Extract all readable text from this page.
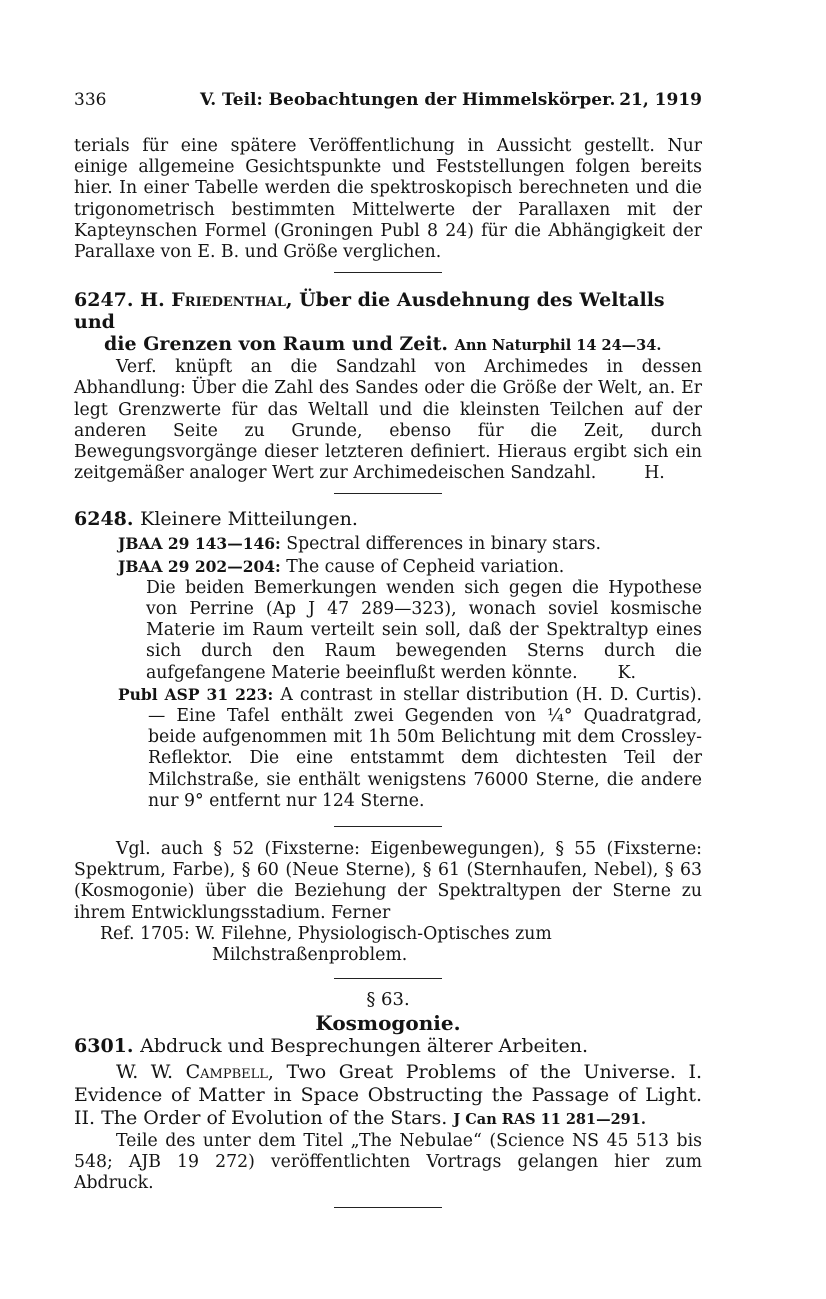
336	V. Teil: Beobachtungen der Himmelskörper. 21, 1919

terials für eine spätere Veröffentlichung in Aussicht gestellt. Nur einige allgemeine Gesichtspunkte und Feststellungen folgen bereits hier. In einer Tabelle werden die spektroskopisch berechneten und die trigonometrisch bestimmten Mittelwerte der Parallaxen mit der Kapteynschen Formel (Groningen Publ 8 24) für die Abhängigkeit der Parallaxe von E. B. und Größe verglichen.

6247. H. Friedenthal, Über die Ausdehnung des Weltalls und
die Grenzen von Raum und Zeit. Ann Naturphil 14 24—34.

Verf. knüpft an die Sandzahl von Archimedes in dessen Abhandlung: Über die Zahl des Sandes oder die Größe der Welt, an. Er legt Grenzwerte für das Weltall und die kleinsten Teilchen auf der anderen Seite zu Grunde, ebenso für die Zeit, durch Bewegungsvorgänge dieser letzteren definiert. Hieraus ergibt sich ein zeitgemäßer analoger Wert zur Archimedeischen Sandzahl.	H.

6248. Kleinere Mitteilungen.
JBAA 29 143—146: Spectral differences in binary stars.
JBAA 29 202—204: The cause of Cepheid variation.

Die beiden Bemerkungen wenden sich gegen die Hypothese von Perrine (Ap J 47 289—323), wonach soviel kosmische Materie im Raum verteilt sein soll, daß der Spektraltyp eines sich durch den Raum bewegenden Sterns durch die aufgefangene Materie beeinflußt werden könnte. K.

Publ ASP 31 223: A contrast in stellar distribution (H. D. Curtis). — Eine Tafel enthält zwei Gegenden von ¼° Quadratgrad, beide aufgenommen mit 1h 50m Belichtung mit dem Crossley-Reflektor. Die eine entstammt dem dichtesten Teil der Milchstraße, sie enthält wenigstens 76000 Sterne, die andere nur 9° entfernt nur 124 Sterne.

Vgl. auch § 52 (Fixsterne: Eigenbewegungen), § 55 (Fixsterne: Spektrum, Farbe), § 60 (Neue Sterne), § 61 (Sternhaufen, Nebel), § 63 (Kosmogonie) über die Beziehung der Spektraltypen der Sterne zu ihrem Entwicklungsstadium. Ferner

Ref. 1705: W. Filehne, Physiologisch-Optisches zum Milchstraßenproblem.

§ 63.
Kosmogonie.
6301. Abdruck und Besprechungen älterer Arbeiten.

W. W. Campbell, Two Great Problems of the Universe. I. Evidence of Matter in Space Obstructing the Passage of Light. II. The Order of Evolution of the Stars. J Can RAS 11 281—291.

Teile des unter dem Titel „The Nebulae“ (Science NS 45 513 bis 548; AJB 19 272) veröffentlichten Vortrags gelangen hier zum Abdruck.
